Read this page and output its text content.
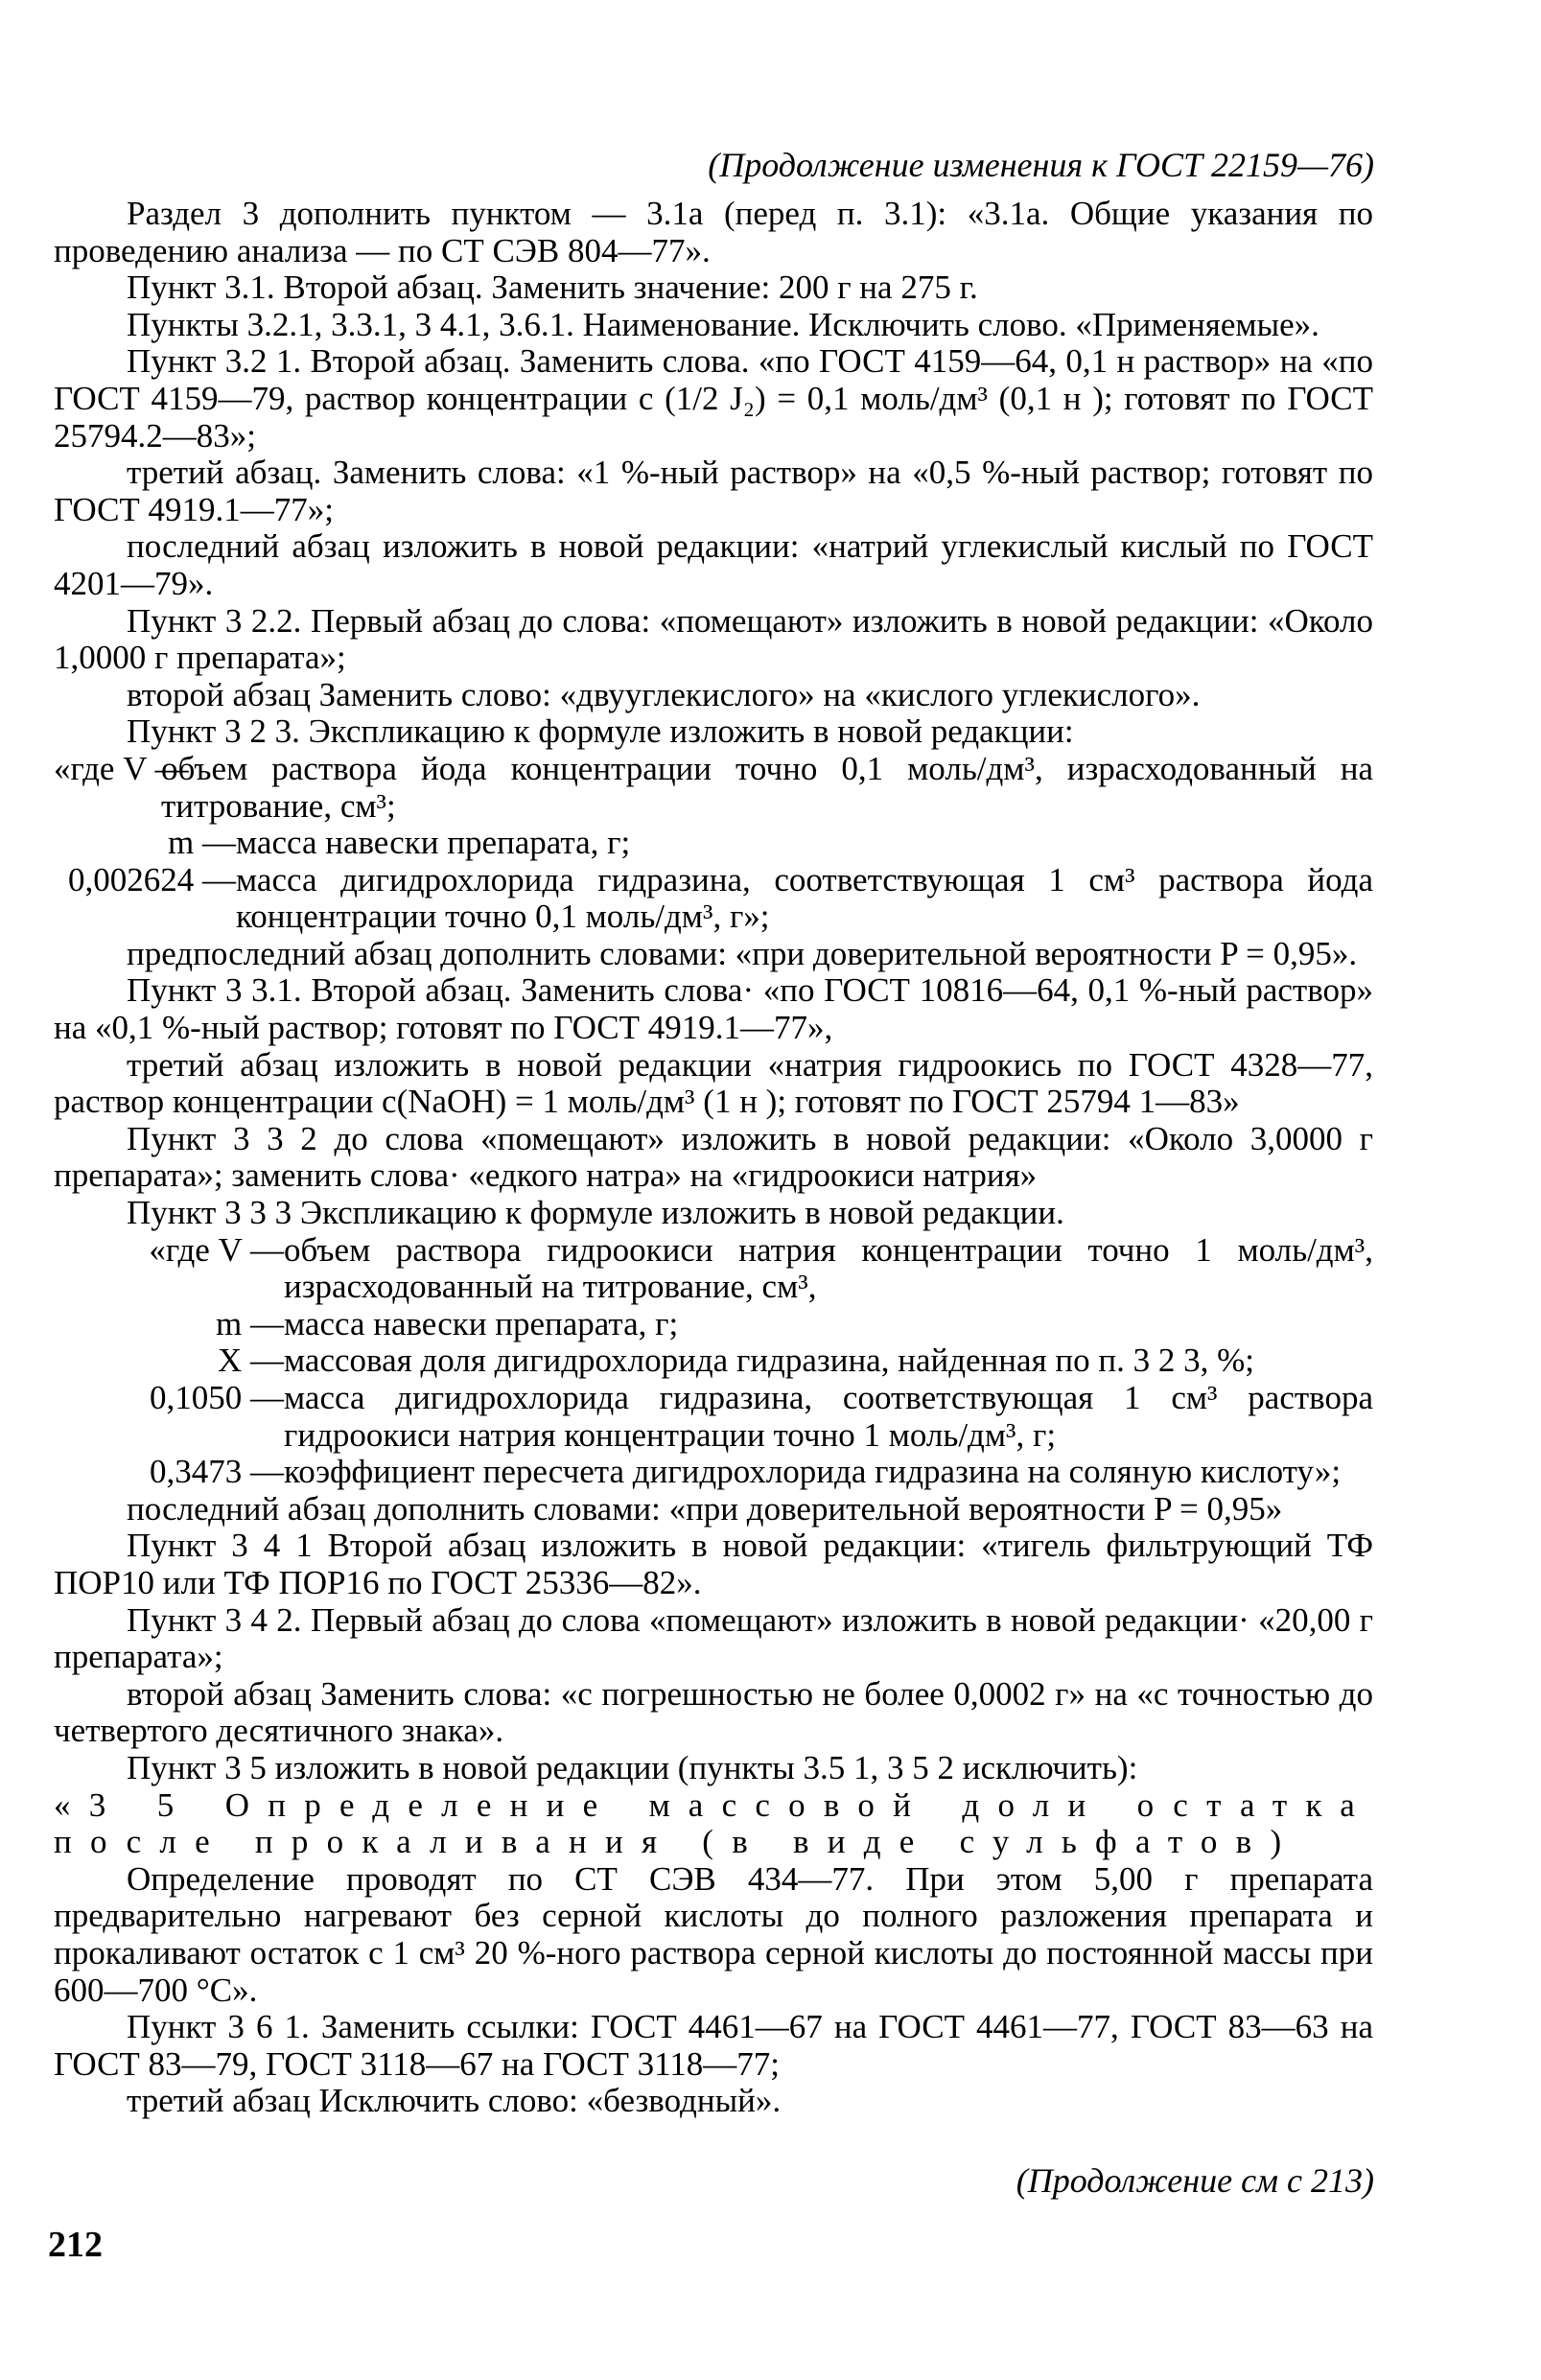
(Продолжение изменения к ГОСТ 22159—76)

Раздел 3 дополнить пунктом — 3.1а (перед п. 3.1): «3.1а. Общие указания по проведению анализа — по СТ СЭВ 804—77».

Пункт 3.1. Второй абзац. Заменить значение: 200 г на 275 г.

Пункты 3.2.1, 3.3.1, 3 4.1, 3.6.1. Наименование. Исключить слово. «Применяемые».

Пункт 3.2 1. Второй абзац. Заменить слова. «по ГОСТ 4159—64, 0,1 н раствор» на «по ГОСТ 4159—79, раствор концентрации с (1/2 J₂) = 0,1 моль/дм³ (0,1 н ); готовят по ГОСТ 25794.2—83»;

третий абзац. Заменить слова: «1 %-ный раствор» на «0,5 %-ный раствор; готовят по ГОСТ 4919.1—77»;

последний абзац изложить в новой редакции: «натрий углекислый кислый по ГОСТ 4201—79».

Пункт 3 2.2. Первый абзац до слова: «помещают» изложить в новой редакции: «Около 1,0000 г препарата»;

второй абзац Заменить слово: «двууглекислого» на «кислого углекислого».

Пункт 3 2 3. Экспликацию к формуле изложить в новой редакции:

«где V —
объем раствора йода концентрации точно 0,1 моль/дм³, израсходованный на титрование, см³;
m — масса навески препарата, г;
0,002624 — масса дигидрохлорида гидразина, соответствующая 1 см³ раствора йода концентрации точно 0,1 моль/дм³, г»;

предпоследний абзац дополнить словами: «при доверительной вероятности P = 0,95».

Пункт 3 3.1. Второй абзац. Заменить слова· «по ГОСТ 10816—64, 0,1 %-ный раствор» на «0,1 %-ный раствор; готовят по ГОСТ 4919.1—77»,

третий абзац изложить в новой редакции «натрия гидроокись по ГОСТ 4328—77, раствор концентрации с(NaOH) = 1 моль/дм³ (1 н ); готовят по ГОСТ 25794 1—83»

Пункт 3 3 2 до слова «помещают» изложить в новой редакции: «Около 3,0000 г препарата»; заменить слова· «едкого натра» на «гидроокиси натрия»

Пункт 3 3 3 Экспликацию к формуле изложить в новой редакции.

«где V — объем раствора гидроокиси натрия концентрации точно 1 моль/дм³, израсходованный на титрование, см³,
m — масса навески препарата, г;
X — массовая доля дигидрохлорида гидразина, найденная по п. 3 2 3, %;
0,1050 — масса дигидрохлорида гидразина, соответствующая 1 см³ раствора гидроокиси натрия концентрации точно 1 моль/дм³, г;
0,3473 — коэффициент пересчета дигидрохлорида гидразина на соляную кислоту»;

последний абзац дополнить словами: «при доверительной вероятности P = 0,95»

Пункт 3 4 1 Второй абзац изложить в новой редакции: «тигель фильтрующий ТФ ПОР10 или ТФ ПОР16 по ГОСТ 25336—82».

Пункт 3 4 2. Первый абзац до слова «помещают» изложить в новой редакции· «20,00 г препарата»;

второй абзац Заменить слова: «с погрешностью не более 0,0002 г» на «с точностью до четвертого десятичного знака».

Пункт 3 5 изложить в новой редакции (пункты 3.5 1, 3 5 2 исключить):

«3 5 Определение массовой доли остатка после прокаливания (в виде сульфатов)

Определение проводят по СТ СЭВ 434—77. При этом 5,00 г препарата предварительно нагревают без серной кислоты до полного разложения препарата и прокаливают остаток с 1 см³ 20 %-ного раствора серной кислоты до постоянной массы при 600—700 °С».

Пункт 3 6 1. Заменить ссылки: ГОСТ 4461—67 на ГОСТ 4461—77, ГОСТ 83—63 на ГОСТ 83—79, ГОСТ 3118—67 на ГОСТ 3118—77;

третий абзац Исключить слово: «безводный».

(Продолжение см с 213)
212
